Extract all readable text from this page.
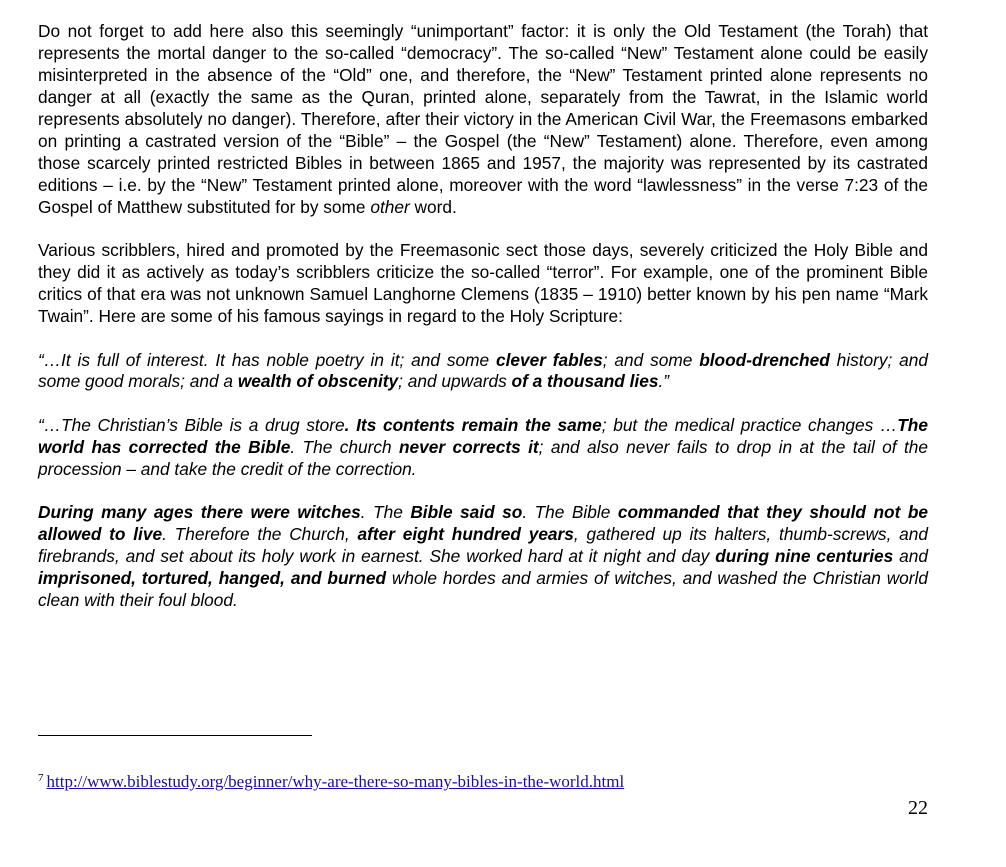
Do not forget to add here also this seemingly “unimportant” factor: it is only the Old Testament (the Torah) that represents the mortal danger to the so-called “democracy”. The so-called “New” Testament alone could be easily misinterpreted in the absence of the “Old” one, and therefore, the “New” Testament printed alone represents no danger at all (exactly the same as the Quran, printed alone, separately from the Tawrat, in the Islamic world represents absolutely no danger). Therefore, after their victory in the American Civil War, the Freemasons embarked on printing a castrated version of the “Bible” – the Gospel (the “New” Testament) alone. Therefore, even among those scarcely printed restricted Bibles in between 1865 and 1957, the majority was represented by its castrated editions – i.e. by the “New” Testament printed alone, moreover with the word “lawlessness” in the verse 7:23 of the Gospel of Matthew substituted for by some other word.

Various scribblers, hired and promoted by the Freemasonic sect those days, severely criticized the Holy Bible and they did it as actively as today’s scribblers criticize the so-called “terror”. For example, one of the prominent Bible critics of that era was not unknown Samuel Langhorne Clemens (1835 – 1910) better known by his pen name “Mark Twain”. Here are some of his famous sayings in regard to the Holy Scripture:

“…It is full of interest. It has noble poetry in it; and some clever fables; and some blood-drenched history; and some good morals; and a wealth of obscenity; and upwards of a thousand lies.”

“…The Christian’s Bible is a drug store. Its contents remain the same; but the medical practice changes …The world has corrected the Bible. The church never corrects it; and also never fails to drop in at the tail of the procession – and take the credit of the correction.

During many ages there were witches. The Bible said so. The Bible commanded that they should not be allowed to live. Therefore the Church, after eight hundred years, gathered up its halters, thumb-screws, and firebrands, and set about its holy work in earnest. She worked hard at it night and day during nine centuries and imprisoned, tortured, hanged, and burned whole hordes and armies of witches, and washed the Christian world clean with their foul blood.

$^7$ http://www.biblestudy.org/beginner/why-are-there-so-many-bibles-in-the-world.html
22
